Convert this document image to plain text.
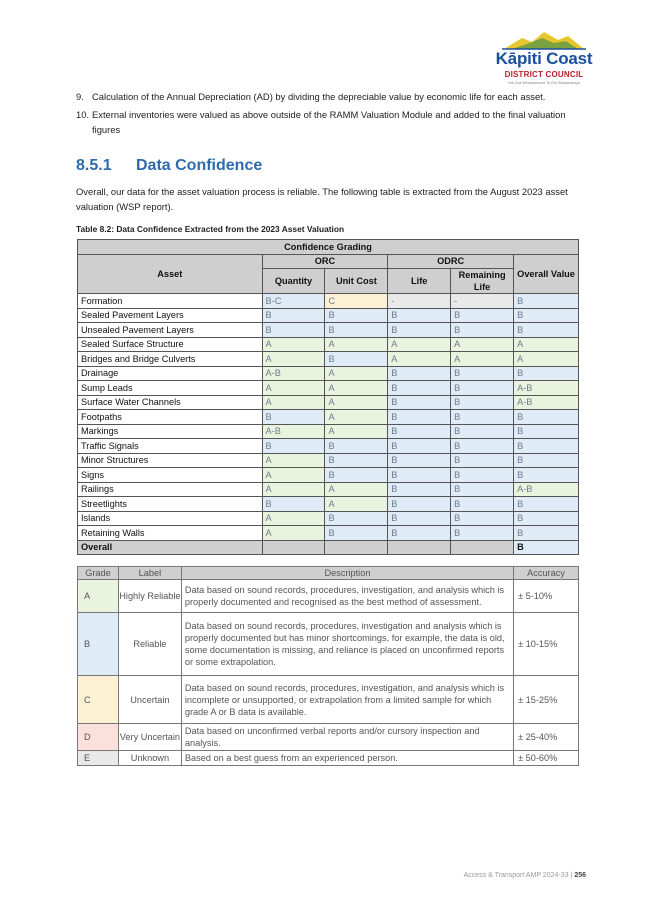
Kāpiti Coast
DISTRICT COUNCIL
Hei Ara Whakamana Te Ahi Wakakainga
9. Calculation of the Annual Depreciation (AD) by dividing the depreciable value by economic life for each asset.
10. External inventories were valued as above outside of the RAMM Valuation Module and added to the final valuation figures
8.5.1 Data Confidence
Overall, our data for the asset valuation process is reliable. The following table is extracted from the August 2023 asset valuation (WSP report).
Table 8.2: Data Confidence Extracted from the 2023 Asset Valuation
Confidence Grading					
Asset	ORC		ODRC		Overall Value
	Quantity	Unit Cost	Life	Remaining Life	
Formation	B-C	C	-	-	B
Sealed Pavement Layers	B	B	B	B	B
Unsealed Pavement Layers	B	B	B	B	B
Sealed Surface Structure	A	A	A	A	A
Bridges and Bridge Culverts	A	B	A	A	A
Drainage	A-B	A	B	B	B
Sump Leads	A	A	B	B	A-B
Surface Water Channels	A	A	B	B	A-B
Footpaths	B	A	B	B	B
Markings	A-B	A	B	B	B
Traffic Signals	B	B	B	B	B
Minor Structures	A	B	B	B	B
Signs	A	B	B	B	B
Railings	A	A	B	B	A-B
Streetlights	B	A	B	B	B
Islands	A	B	B	B	B
Retaining Walls	A	B	B	B	B
Overall					B
Grade	Label	Description	Accuracy
A	Highly Reliable	Data based on sound records, procedures, investigation, and analysis which is properly documented and recognised as the best method of assessment.	± 5-10%
B	Reliable	Data based on sound records, procedures, investigation and analysis which is properly documented but has minor shortcomings, for example, the data is old, some documentation is missing, and reliance is placed on unconfirmed reports or some extrapolation.	± 10-15%
C	Uncertain	Data based on sound records, procedures, investigation, and analysis which is incomplete or unsupported, or extrapolation from a limited sample for which grade A or B data is available.	± 15-25%
D	Very Uncertain	Data based on unconfirmed verbal reports and/or cursory inspection and analysis.	± 25-40%
E	Unknown	Based on a best guess from an experienced person.	± 50-60%
Access & Transport AMP 2024-33 | 256
